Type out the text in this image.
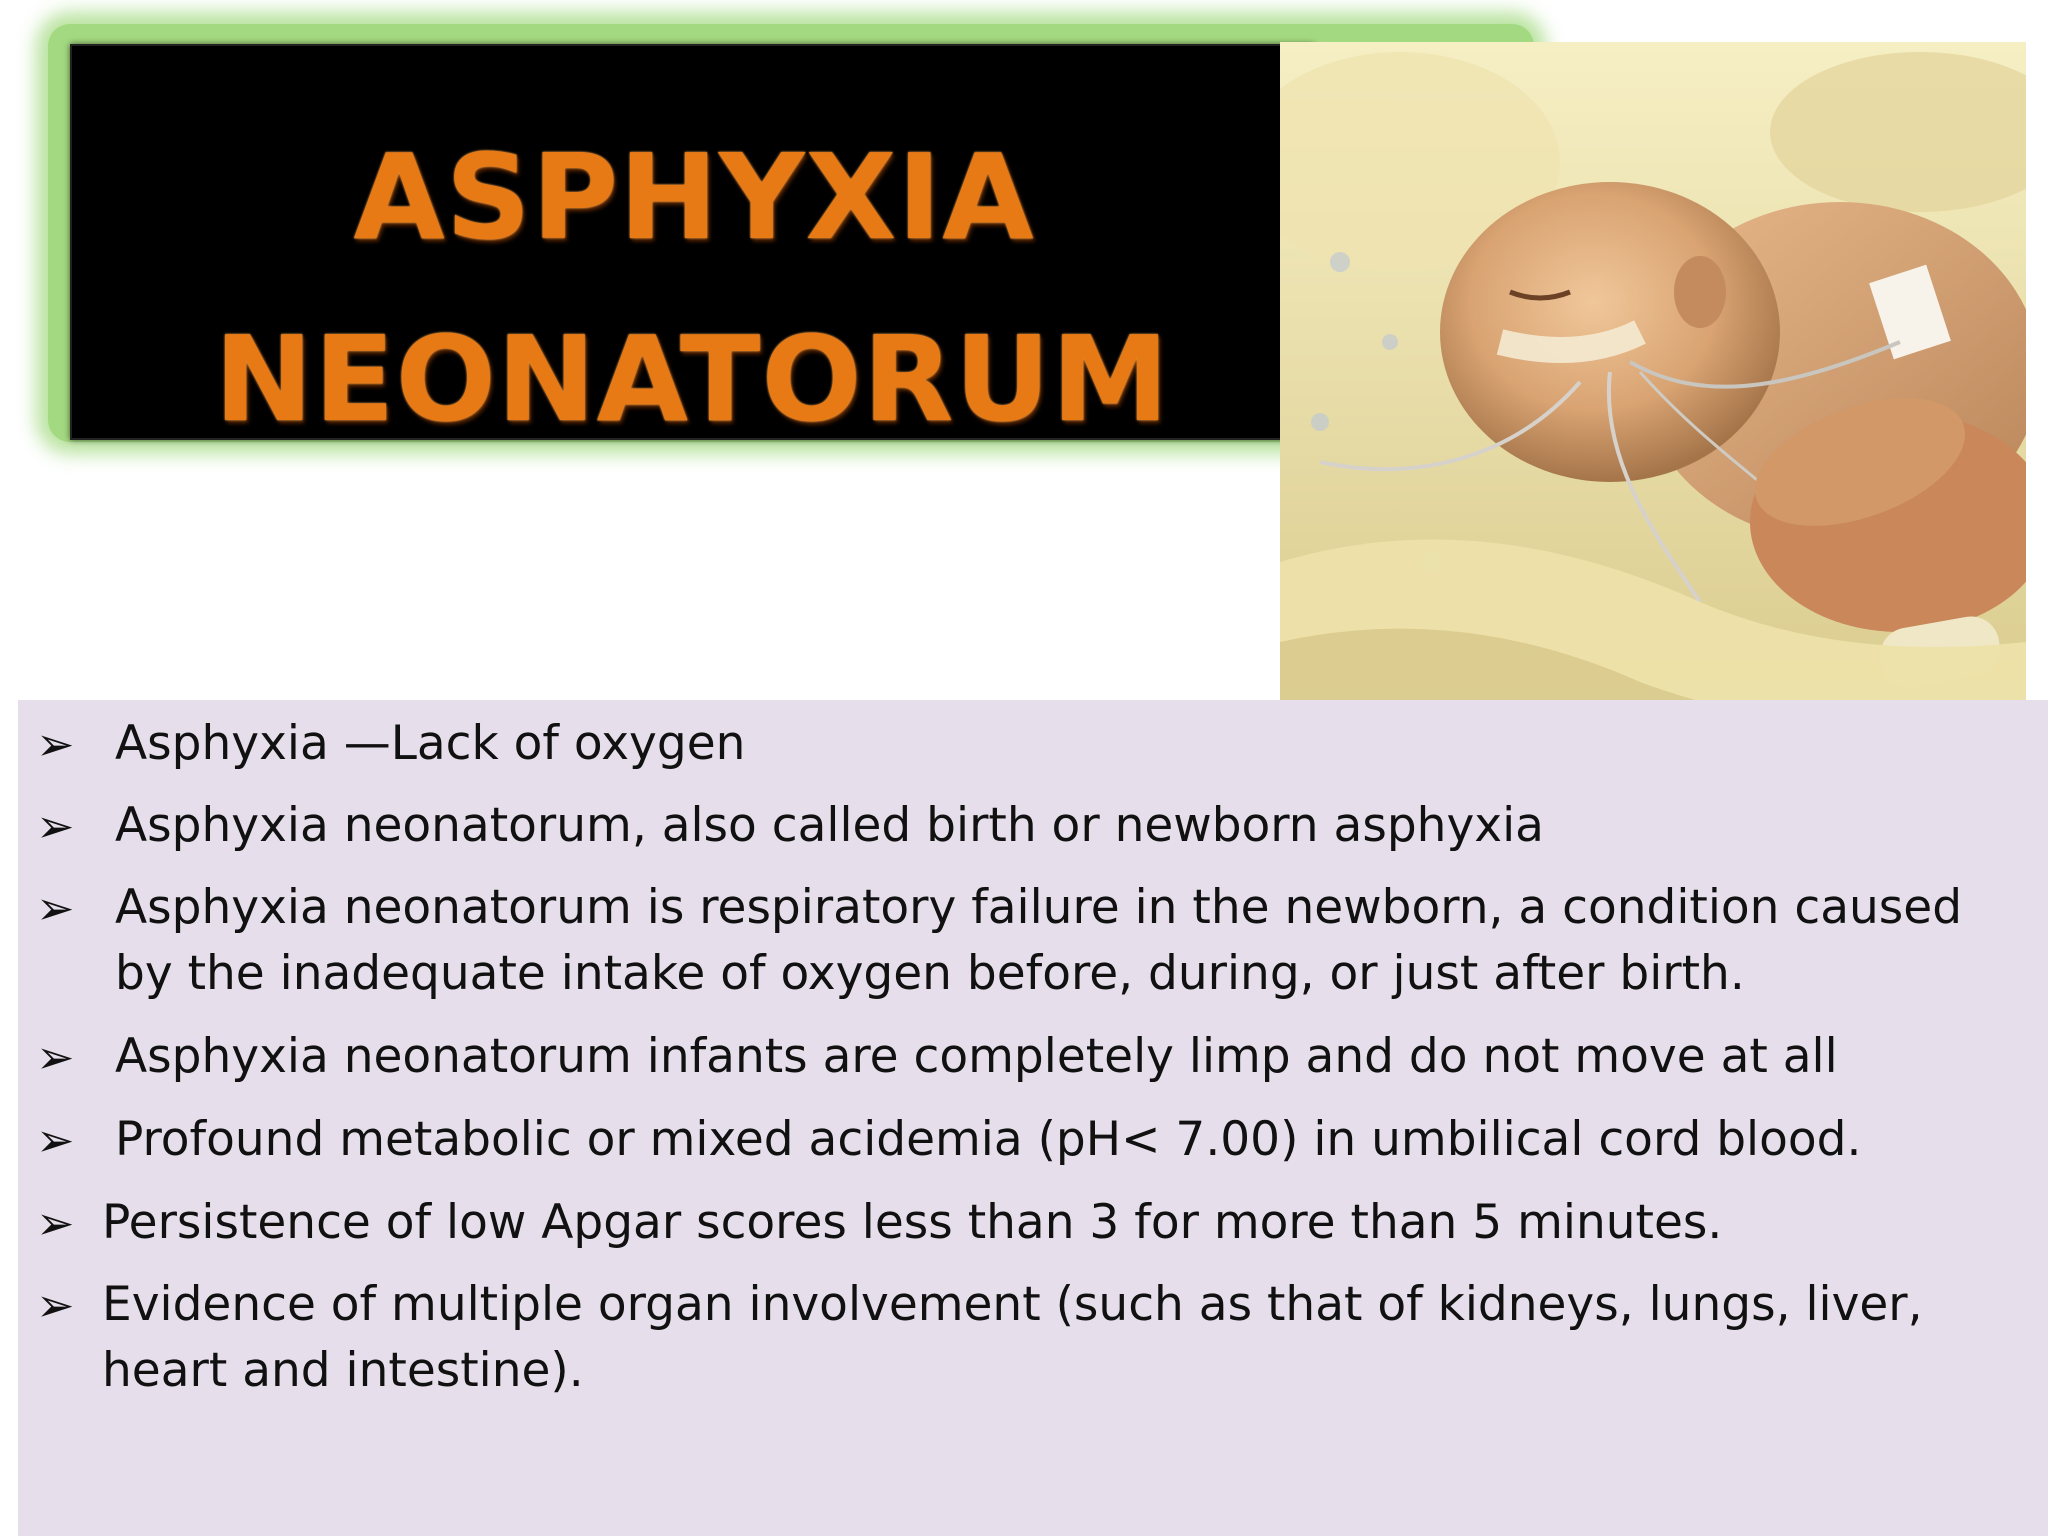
ASPHYXIA
NEONATORUM
➢ Asphyxia —Lack of oxygen
➢ Asphyxia neonatorum, also called birth or newborn asphyxia
➢ Asphyxia neonatorum is respiratory failure in the newborn, a condition caused by the inadequate intake of oxygen before, during, or just after birth.
➢ Asphyxia neonatorum infants are completely limp and do not move at all
➢ Profound metabolic or mixed acidemia (pH< 7.00) in umbilical cord blood.
➢ Persistence of low Apgar scores less than 3 for more than 5 minutes.
➢ Evidence of multiple organ involvement (such as that of kidneys, lungs, liver, heart and intestine).
